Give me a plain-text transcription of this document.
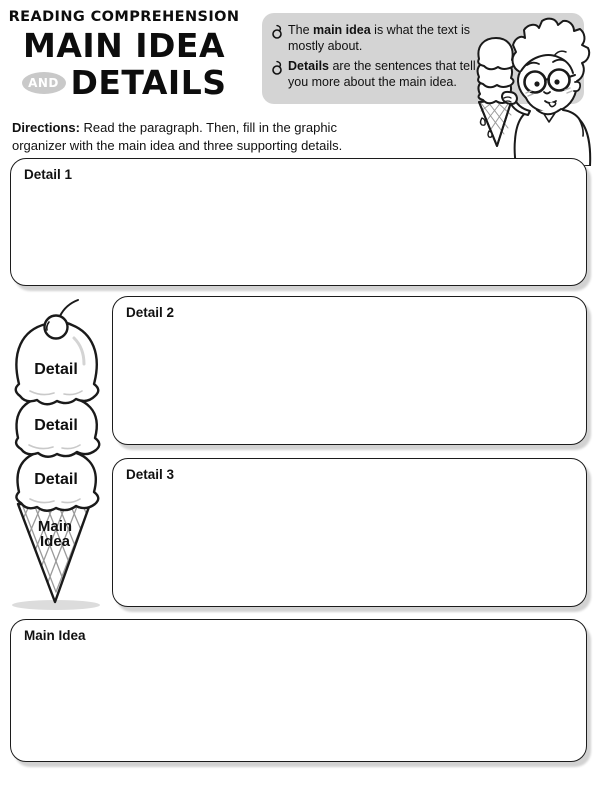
READING COMPREHENSION
MAIN IDEA
AND DETAILS

The main idea is what the text is mostly about.

Details are the sentences that tell you more about the main idea.

Directions: Read the paragraph. Then, fill in the graphic organizer with the main idea and three supporting details.

Detail 1
Detail 2
Detail 3
Main Idea
Detail
Detail
Detail
Main
Idea
